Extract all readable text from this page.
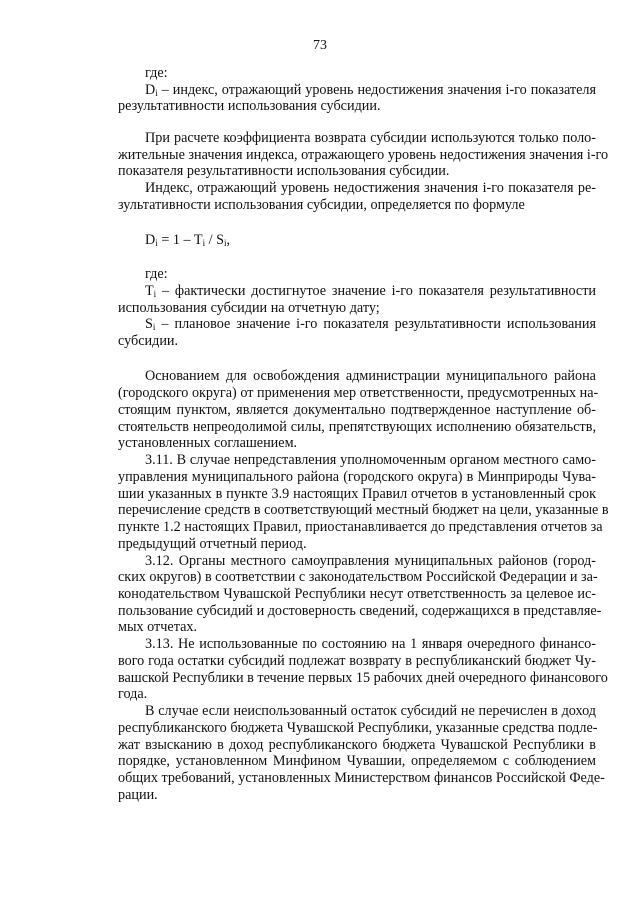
73
где:
$D_i$ – индекс, отражающий уровень недостижения значения i-го показателя
результативности использования субсидии.
При расчете коэффициента возврата субсидии используются только поло-
жительные значения индекса, отражающего уровень недостижения значения i-го
показателя результативности использования субсидии.
Индекс, отражающий уровень недостижения значения i-го показателя ре-
зультативности использования субсидии, определяется по формуле
$D_i = 1 - T_i / S_i$,
где:
$T_i$ – фактически достигнутое значение i-го показателя результативности
использования субсидии на отчетную дату;
$S_i$ – плановое значение i-го показателя результативности использования
субсидии.
Основанием для освобождения администрации муниципального района
(городского округа) от применения мер ответственности, предусмотренных на-
стоящим пунктом, является документально подтвержденное наступление об-
стоятельств непреодолимой силы, препятствующих исполнению обязательств,
установленных соглашением.
3.11. В случае непредставления уполномоченным органом местного само-
управления муниципального района (городского округа) в Минприроды Чува-
шии указанных в пункте 3.9 настоящих Правил отчетов в установленный срок
перечисление средств в соответствующий местный бюджет на цели, указанные в
пункте 1.2 настоящих Правил, приостанавливается до представления отчетов за
предыдущий отчетный период.
3.12. Органы местного самоуправления муниципальных районов (город-
ских округов) в соответствии с законодательством Российской Федерации и за-
конодательством Чувашской Республики несут ответственность за целевое ис-
пользование субсидий и достоверность сведений, содержащихся в представляе-
мых отчетах.
3.13. Не использованные по состоянию на 1 января очередного финансо-
вого года остатки субсидий подлежат возврату в республиканский бюджет Чу-
вашской Республики в течение первых 15 рабочих дней очередного финансового
года.
В случае если неиспользованный остаток субсидий не перечислен в доход
республиканского бюджета Чувашской Республики, указанные средства подле-
жат взысканию в доход республиканского бюджета Чувашской Республики в
порядке, установленном Минфином Чувашии, определяемом с соблюдением
общих требований, установленных Министерством финансов Российской Феде-
рации.
